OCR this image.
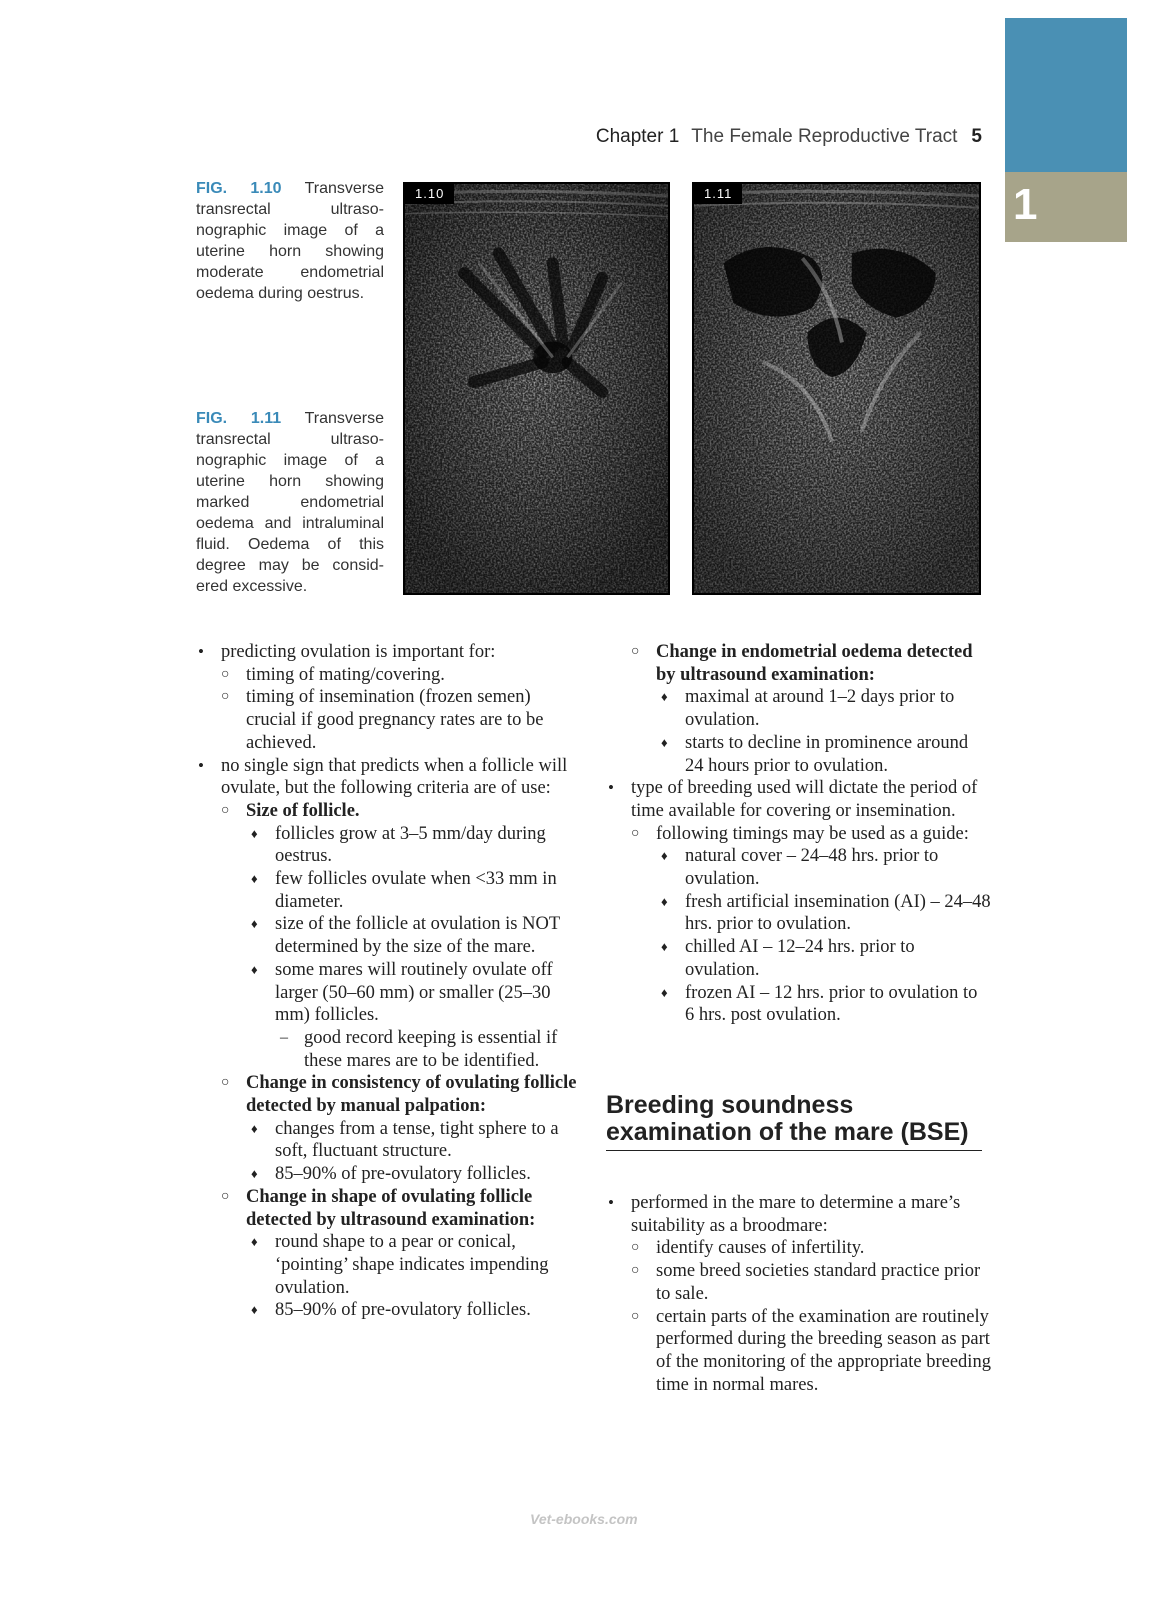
1
Chapter 1 The Female Reproductive Tract 5
FIG. 1.10 Transverse transrectal ultrasonographic image of a uterine horn showing moderate endometrial oedema during oestrus.
FIG. 1.11 Transverse transrectal ultrasonographic image of a uterine horn showing marked endometrial oedema and intraluminal fluid. Oedema of this degree may be considered excessive.
1.10	1.11
• predicting ovulation is important for:
○ timing of mating/covering.
○ timing of insemination (frozen semen) crucial if good pregnancy rates are to be achieved.
• no single sign that predicts when a follicle will ovulate, but the following criteria are of use:
○ Size of follicle.
♦ follicles grow at 3–5 mm/day during oestrus.
♦ few follicles ovulate when <33 mm in diameter.
♦ size of the follicle at ovulation is NOT determined by the size of the mare.
♦ some mares will routinely ovulate off larger (50–60 mm) or smaller (25–30 mm) follicles.
– good record keeping is essential if these mares are to be identified.
○ Change in consistency of ovulating follicle detected by manual palpation:
♦ changes from a tense, tight sphere to a soft, fluctuant structure.
♦ 85–90% of pre-ovulatory follicles.
○ Change in shape of ovulating follicle detected by ultrasound examination:
♦ round shape to a pear or conical, ‘pointing’ shape indicates impending ovulation.
♦ 85–90% of pre-ovulatory follicles.
○ Change in endometrial oedema detected by ultrasound examination:
♦ maximal at around 1–2 days prior to ovulation.
♦ starts to decline in prominence around 24 hours prior to ovulation.
• type of breeding used will dictate the period of time available for covering or insemination.
○ following timings may be used as a guide:
♦ natural cover – 24–48 hrs. prior to ovulation.
♦ fresh artificial insemination (AI) – 24–48 hrs. prior to ovulation.
♦ chilled AI – 12–24 hrs. prior to ovulation.
♦ frozen AI – 12 hrs. prior to ovulation to 6 hrs. post ovulation.
Breeding soundness examination of the mare (BSE)
• performed in the mare to determine a mare’s suitability as a broodmare:
○ identify causes of infertility.
○ some breed societies standard practice prior to sale.
○ certain parts of the examination are routinely performed during the breeding season as part of the monitoring of the appropriate breeding time in normal mares.
Vet-ebooks.com
